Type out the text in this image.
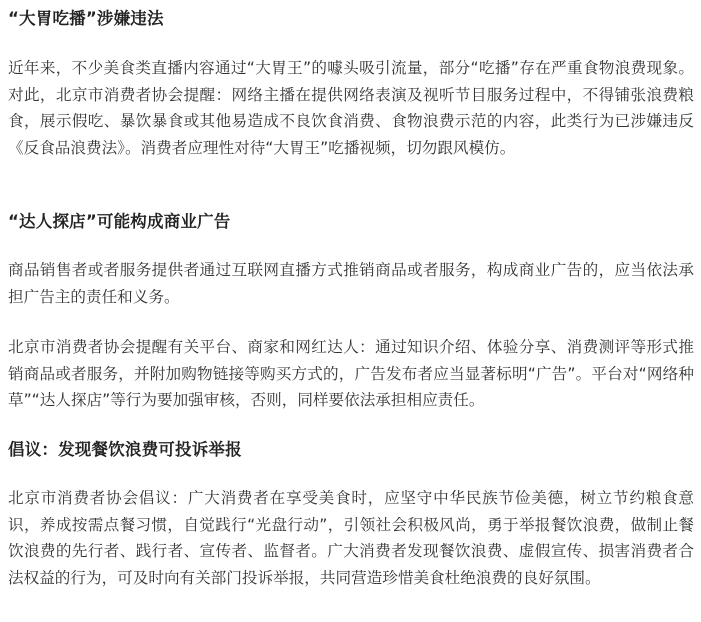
“大胃吃播”涉嫌违法

近年来，不少美食类直播内容通过“大胃王”的噱头吸引流量，部分“吃播”存在严重食物浪费现象。对此，北京市消费者协会提醒：网络主播在提供网络表演及视听节目服务过程中，不得铺张浪费粮食，展示假吃、暴饮暴食或其他易造成不良饮食消费、食物浪费示范的内容，此类行为已涉嫌违反《反食品浪费法》。消费者应理性对待“大胃王”吃播视频，切勿跟风模仿。

“达人探店”可能构成商业广告

商品销售者或者服务提供者通过互联网直播方式推销商品或者服务，构成商业广告的，应当依法承担广告主的责任和义务。

北京市消费者协会提醒有关平台、商家和网红达人：通过知识介绍、体验分享、消费测评等形式推销商品或者服务，并附加购物链接等购买方式的，广告发布者应当显著标明“广告”。平台对“网络种草”“达人探店”等行为要加强审核，否则，同样要依法承担相应责任。

倡议：发现餐饮浪费可投诉举报

北京市消费者协会倡议：广大消费者在享受美食时，应坚守中华民族节俭美德，树立节约粮食意识，养成按需点餐习惯，自觉践行“光盘行动”，引领社会积极风尚，勇于举报餐饮浪费，做制止餐饮浪费的先行者、践行者、宣传者、监督者。广大消费者发现餐饮浪费、虚假宣传、损害消费者合法权益的行为，可及时向有关部门投诉举报，共同营造珍惜美食杜绝浪费的良好氛围。
